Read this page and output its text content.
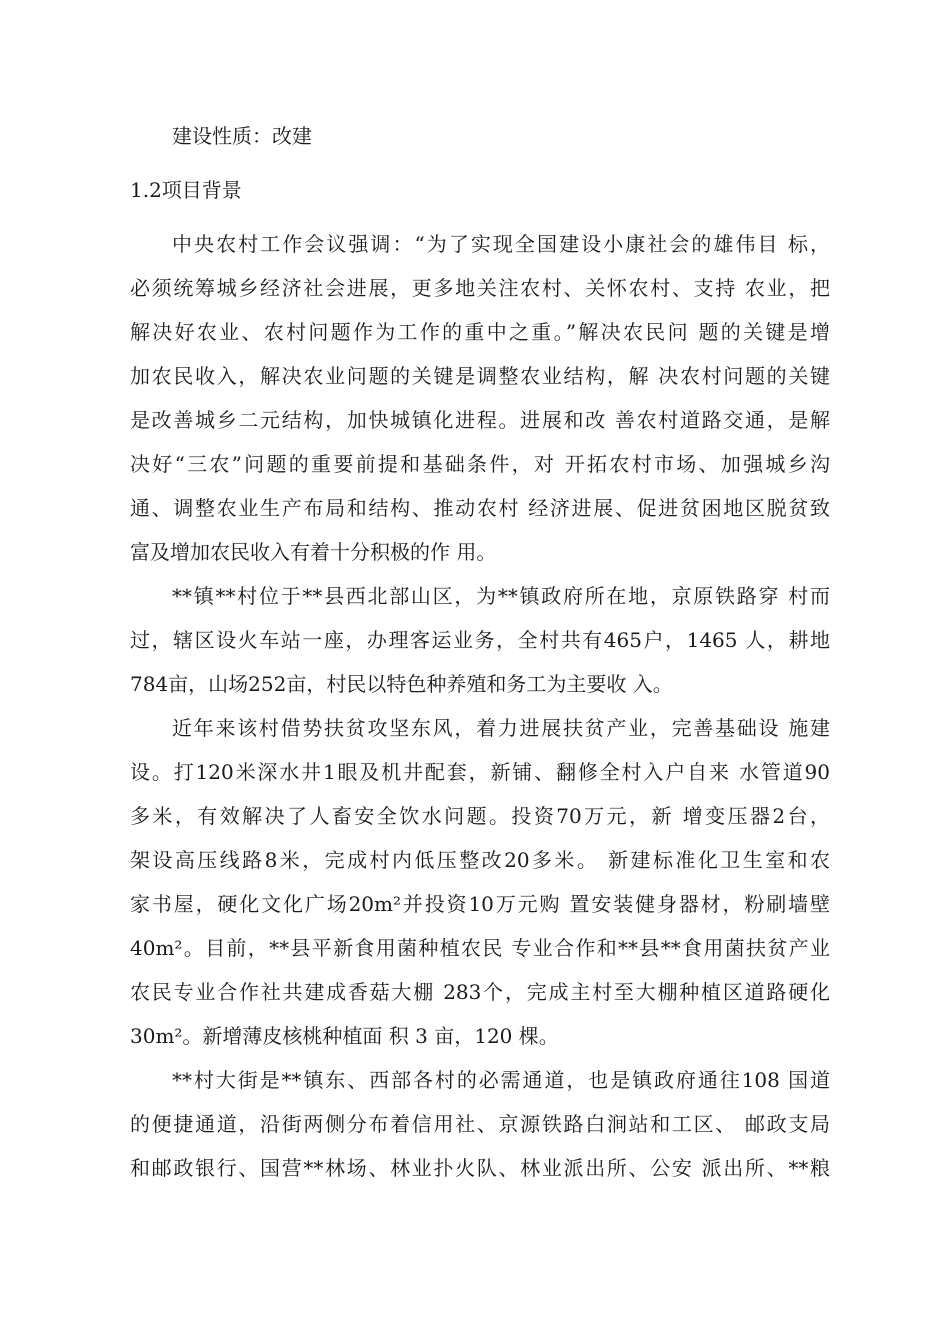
建设性质：改建
1.2项目背景
中央农村工作会议强调：“为了实现全国建设小康社会的雄伟目 标，
必须统筹城乡经济社会进展，更多地关注农村、关怀农村、支持 农业，把
解决好农业、农村问题作为工作的重中之重。”解决农民问 题的关键是增
加农民收入，解决农业问题的关键是调整农业结构，解 决农村问题的关键
是改善城乡二元结构，加快城镇化进程。进展和改 善农村道路交通，是解
决好“三农”问题的重要前提和基础条件，对 开拓农村市场、加强城乡沟
通、调整农业生产布局和结构、推动农村 经济进展、促进贫困地区脱贫致
富及增加农民收入有着十分积极的作 用。
**镇**村位于**县西北部山区，为**镇政府所在地，京原铁路穿 村而
过，辖区设火车站一座，办理客运业务，全村共有465户，1465 人，耕地
784亩，山场252亩，村民以特色种养殖和务工为主要收 入。
近年来该村借势扶贫攻坚东风，着力进展扶贫产业，完善基础设 施建
设。打120米深水井1眼及机井配套，新铺、翻修全村入户自来 水管道90
多米，有效解决了人畜安全饮水问题。投资70万元，新 增变压器2台，
架设高压线路8米，完成村内低压整改20多米。 新建标准化卫生室和农
家书屋，硬化文化广场20m²并投资10万元购 置安装健身器材，粉刷墙壁
40m²。目前，**县平新食用菌种植农民 专业合作和**县**食用菌扶贫产业
农民专业合作社共建成香菇大棚 283个，完成主村至大棚种植区道路硬化
30m²。新增薄皮核桃种植面 积 3 亩，120 棵。
**村大街是**镇东、西部各村的必需通道，也是镇政府通往108 国道
的便捷通道，沿街两侧分布着信用社、京源铁路白涧站和工区、 邮政支局
和邮政银行、国营**林场、林业扑火队、林业派出所、公安 派出所、**粮
